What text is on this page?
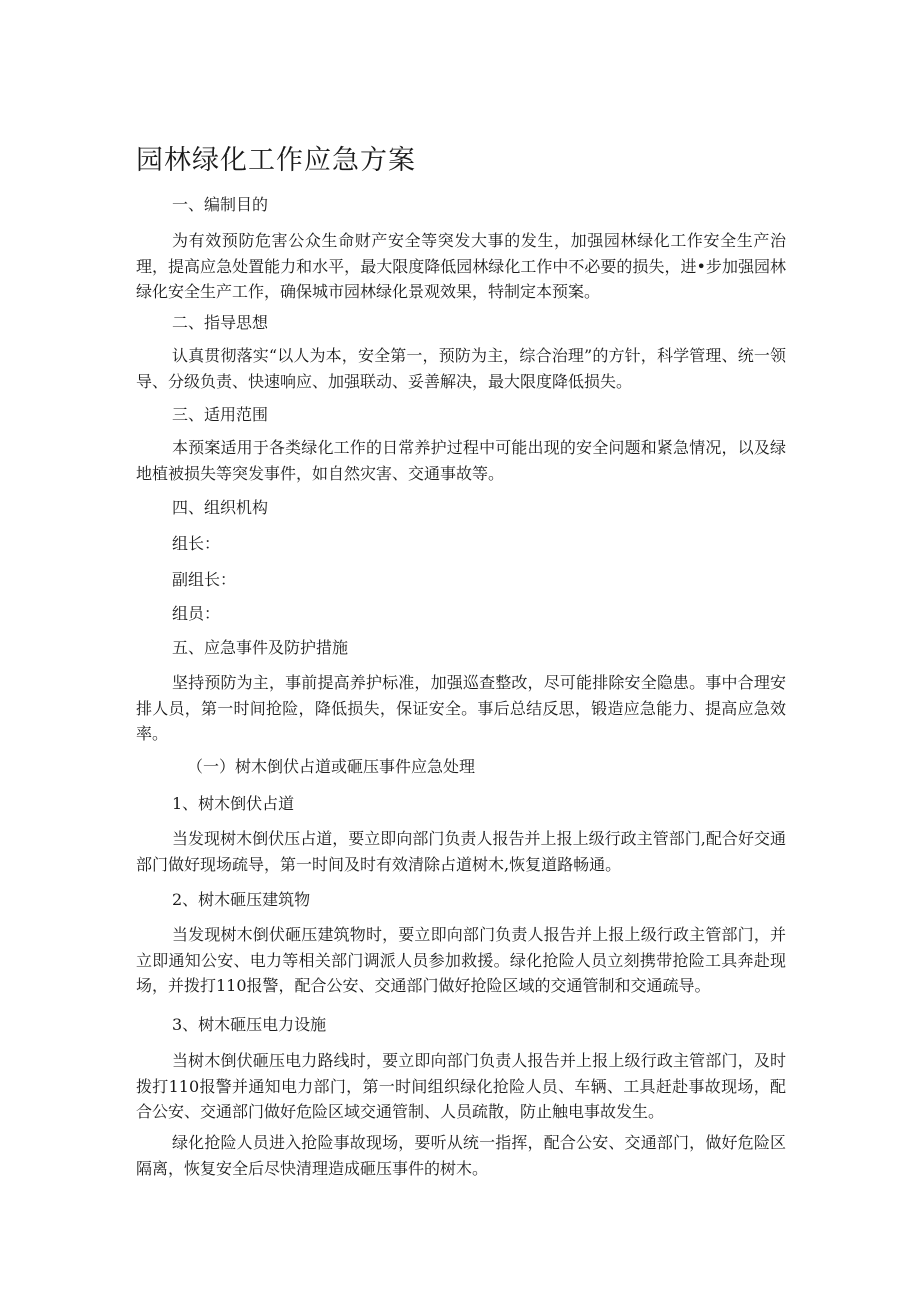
园林绿化工作应急方案
一、编制目的
为有效预防危害公众生命财产安全等突发大事的发生，加强园林绿化工作安全生产治理，提高应急处置能力和水平，最大限度降低园林绿化工作中不必要的损失，进•步加强园林绿化安全生产工作，确保城市园林绿化景观效果，特制定本预案。
二、指导思想
认真贯彻落实“以人为本，安全第一，预防为主，综合治理”的方针，科学管理、统一领导、分级负责、快速响应、加强联动、妥善解决，最大限度降低损失。
三、适用范围
本预案适用于各类绿化工作的日常养护过程中可能出现的安全问题和紧急情况，以及绿地植被损失等突发事件，如自然灾害、交通事故等。
四、组织机构
组长：
副组长：
组员：
五、应急事件及防护措施
坚持预防为主，事前提高养护标准，加强巡查整改，尽可能排除安全隐患。事中合理安排人员，第一时间抢险，降低损失，保证安全。事后总结反思，锻造应急能力、提高应急效率。
（一）树木倒伏占道或砸压事件应急处理
1、树木倒伏占道
当发现树木倒伏压占道，要立即向部门负责人报告并上报上级行政主管部门,配合好交通部门做好现场疏导，第一时间及时有效清除占道树木,恢复道路畅通。
2、树木砸压建筑物
当发现树木倒伏砸压建筑物时，要立即向部门负责人报告并上报上级行政主管部门，并立即通知公安、电力等相关部门调派人员参加救援。绿化抢险人员立刻携带抢险工具奔赴现场，并拨打110报警，配合公安、交通部门做好抢险区域的交通管制和交通疏导。
3、树木砸压电力设施
当树木倒伏砸压电力路线时，要立即向部门负责人报告并上报上级行政主管部门，及时拨打110报警并通知电力部门，第一时间组织绿化抢险人员、车辆、工具赶赴事故现场，配合公安、交通部门做好危险区域交通管制、人员疏散，防止触电事故发生。
绿化抢险人员进入抢险事故现场，要听从统一指挥，配合公安、交通部门，做好危险区隔离，恢复安全后尽快清理造成砸压事件的树木。
